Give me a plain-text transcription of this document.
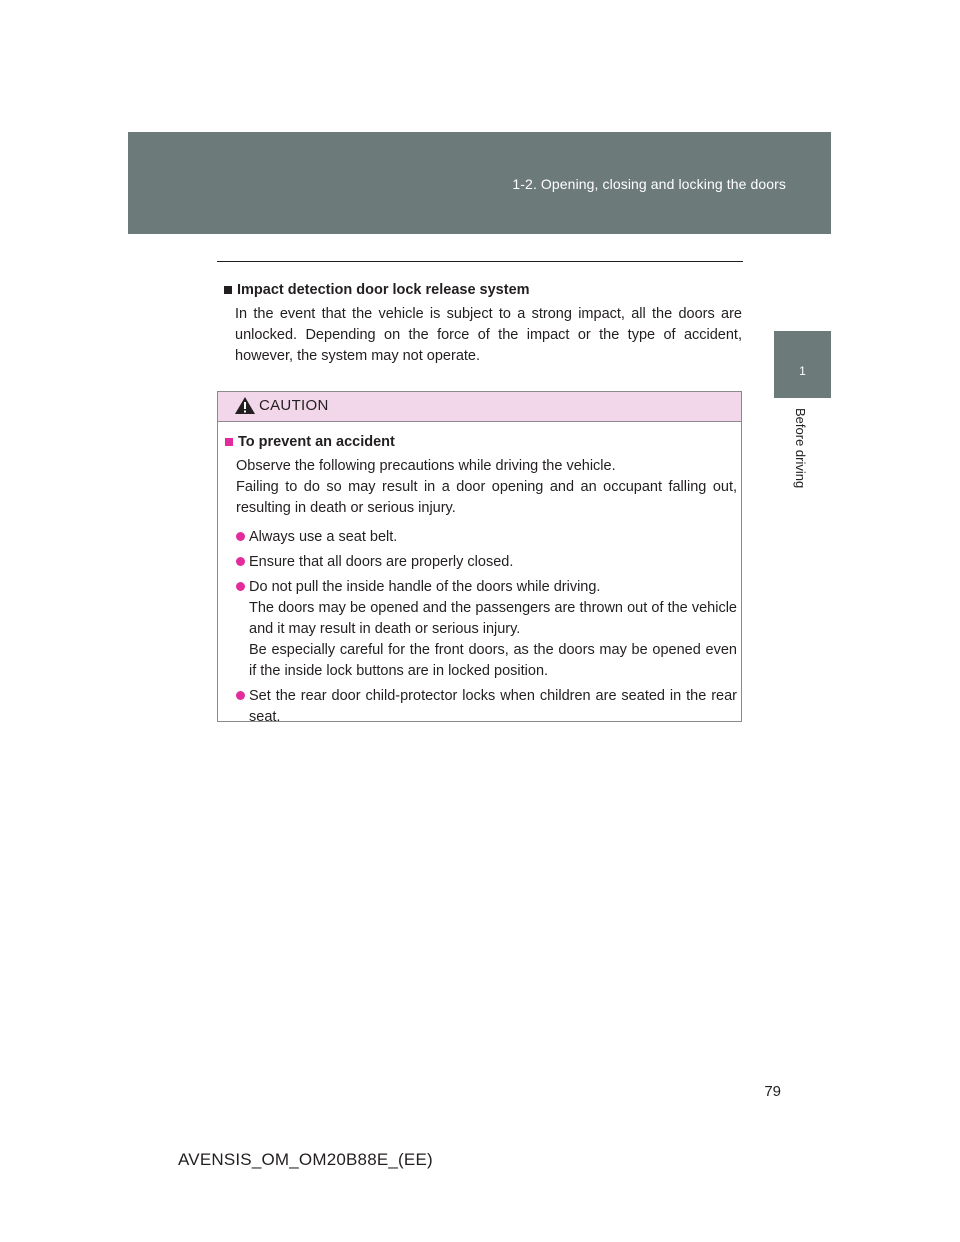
1-2. Opening, closing and locking the doors
1
Before driving

Impact detection door lock release system

In the event that the vehicle is subject to a strong impact, all the doors are unlocked. Depending on the force of the impact or the type of accident, however, the system may not operate.

CAUTION

To prevent an accident

Observe the following precautions while driving the vehicle.
Failing to do so may result in a door opening and an occupant falling out, resulting in death or serious injury.

Always use a seat belt.
Ensure that all doors are properly closed.
Do not pull the inside handle of the doors while driving.
The doors may be opened and the passengers are thrown out of the vehicle and it may result in death or serious injury.
Be especially careful for the front doors, as the doors may be opened even if the inside lock buttons are in locked position.
Set the rear door child-protector locks when children are seated in the rear seat.
79
AVENSIS_OM_OM20B88E_(EE)
